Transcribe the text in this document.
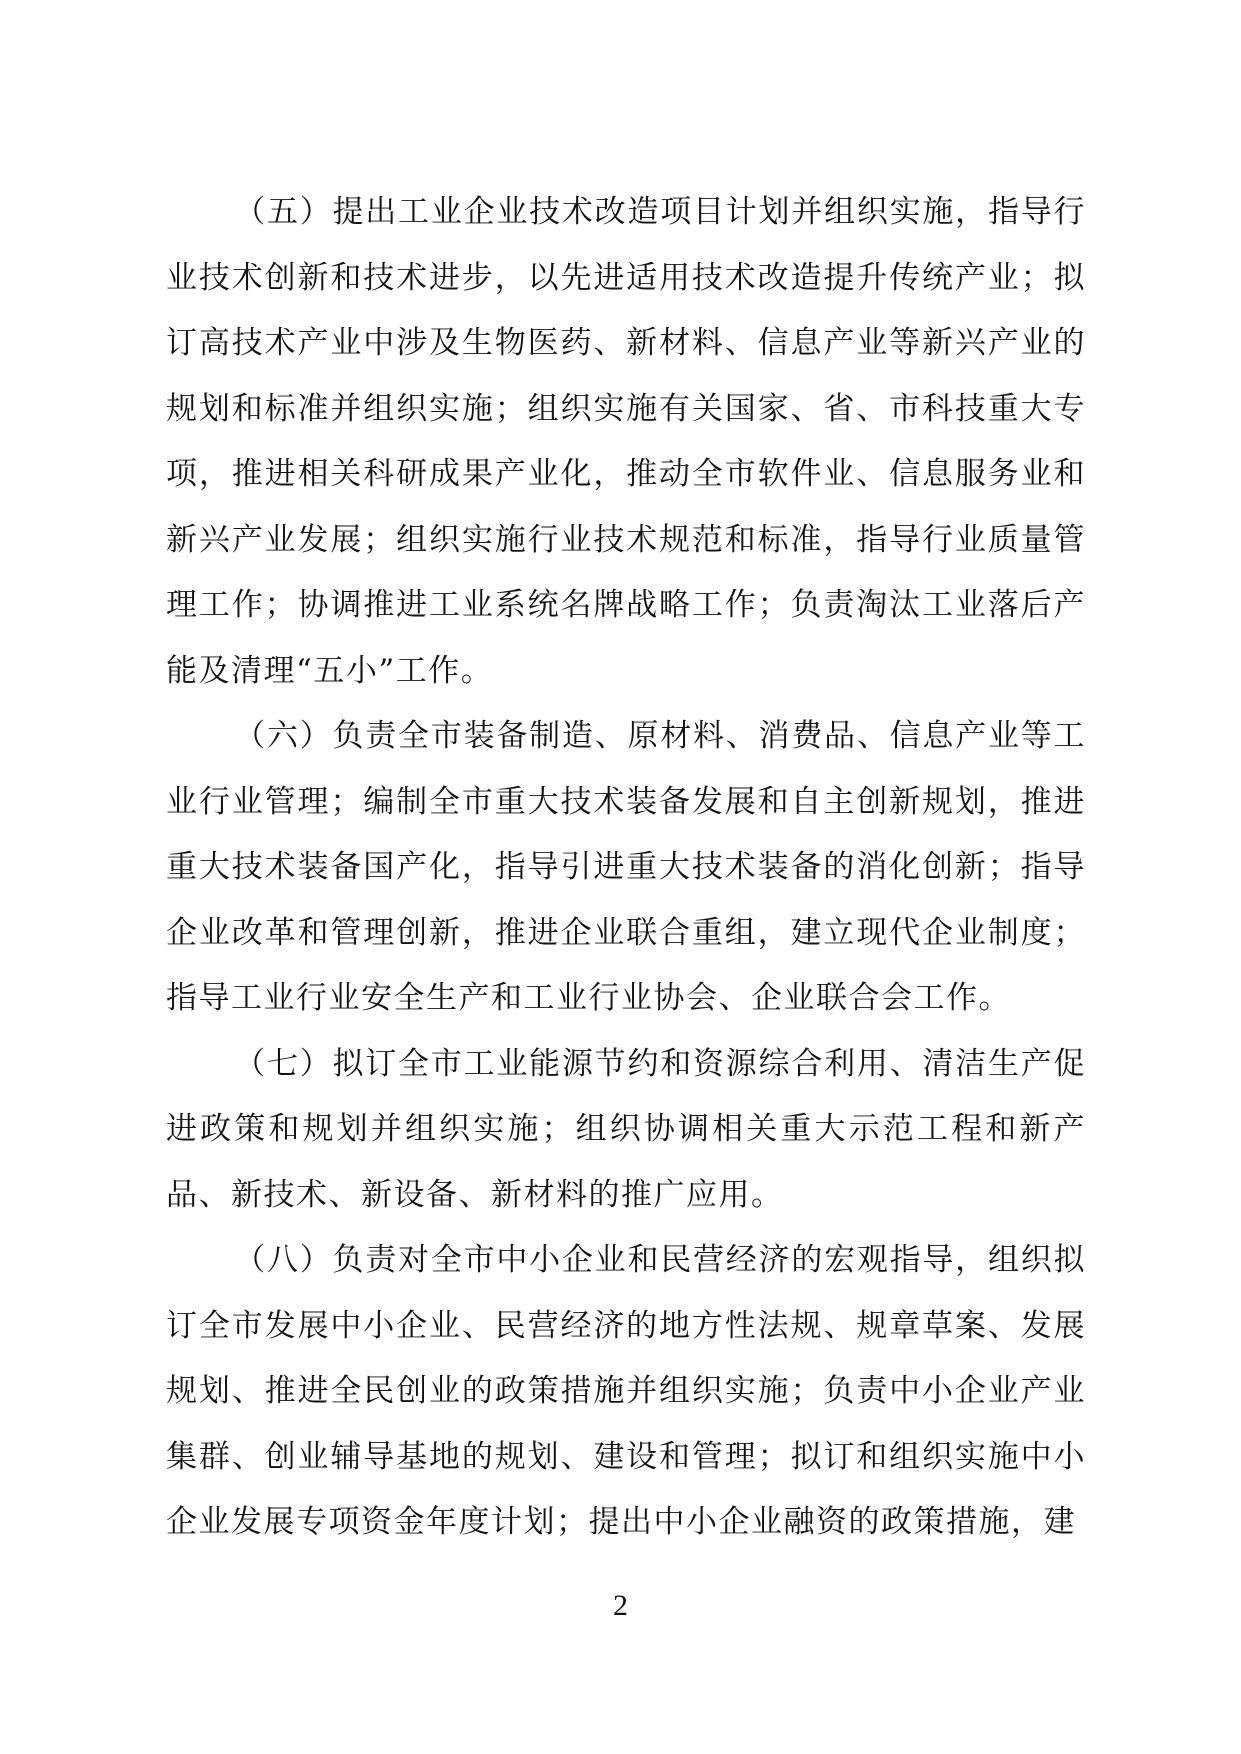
（五）提出工业企业技术改造项目计划并组织实施，指导行业技术创新和技术进步，以先进适用技术改造提升传统产业；拟订高技术产业中涉及生物医药、新材料、信息产业等新兴产业的规划和标准并组织实施；组织实施有关国家、省、市科技重大专项，推进相关科研成果产业化，推动全市软件业、信息服务业和新兴产业发展；组织实施行业技术规范和标准，指导行业质量管理工作；协调推进工业系统名牌战略工作；负责淘汰工业落后产能及清理“五小”工作。

（六）负责全市装备制造、原材料、消费品、信息产业等工业行业管理；编制全市重大技术装备发展和自主创新规划，推进重大技术装备国产化，指导引进重大技术装备的消化创新；指导企业改革和管理创新，推进企业联合重组，建立现代企业制度；指导工业行业安全生产和工业行业协会、企业联合会工作。

（七）拟订全市工业能源节约和资源综合利用、清洁生产促进政策和规划并组织实施；组织协调相关重大示范工程和新产品、新技术、新设备、新材料的推广应用。

（八）负责对全市中小企业和民营经济的宏观指导，组织拟订全市发展中小企业、民营经济的地方性法规、规章草案、发展规划、推进全民创业的政策措施并组织实施；负责中小企业产业集群、创业辅导基地的规划、建设和管理；拟订和组织实施中小企业发展专项资金年度计划；提出中小企业融资的政策措施，建

2
